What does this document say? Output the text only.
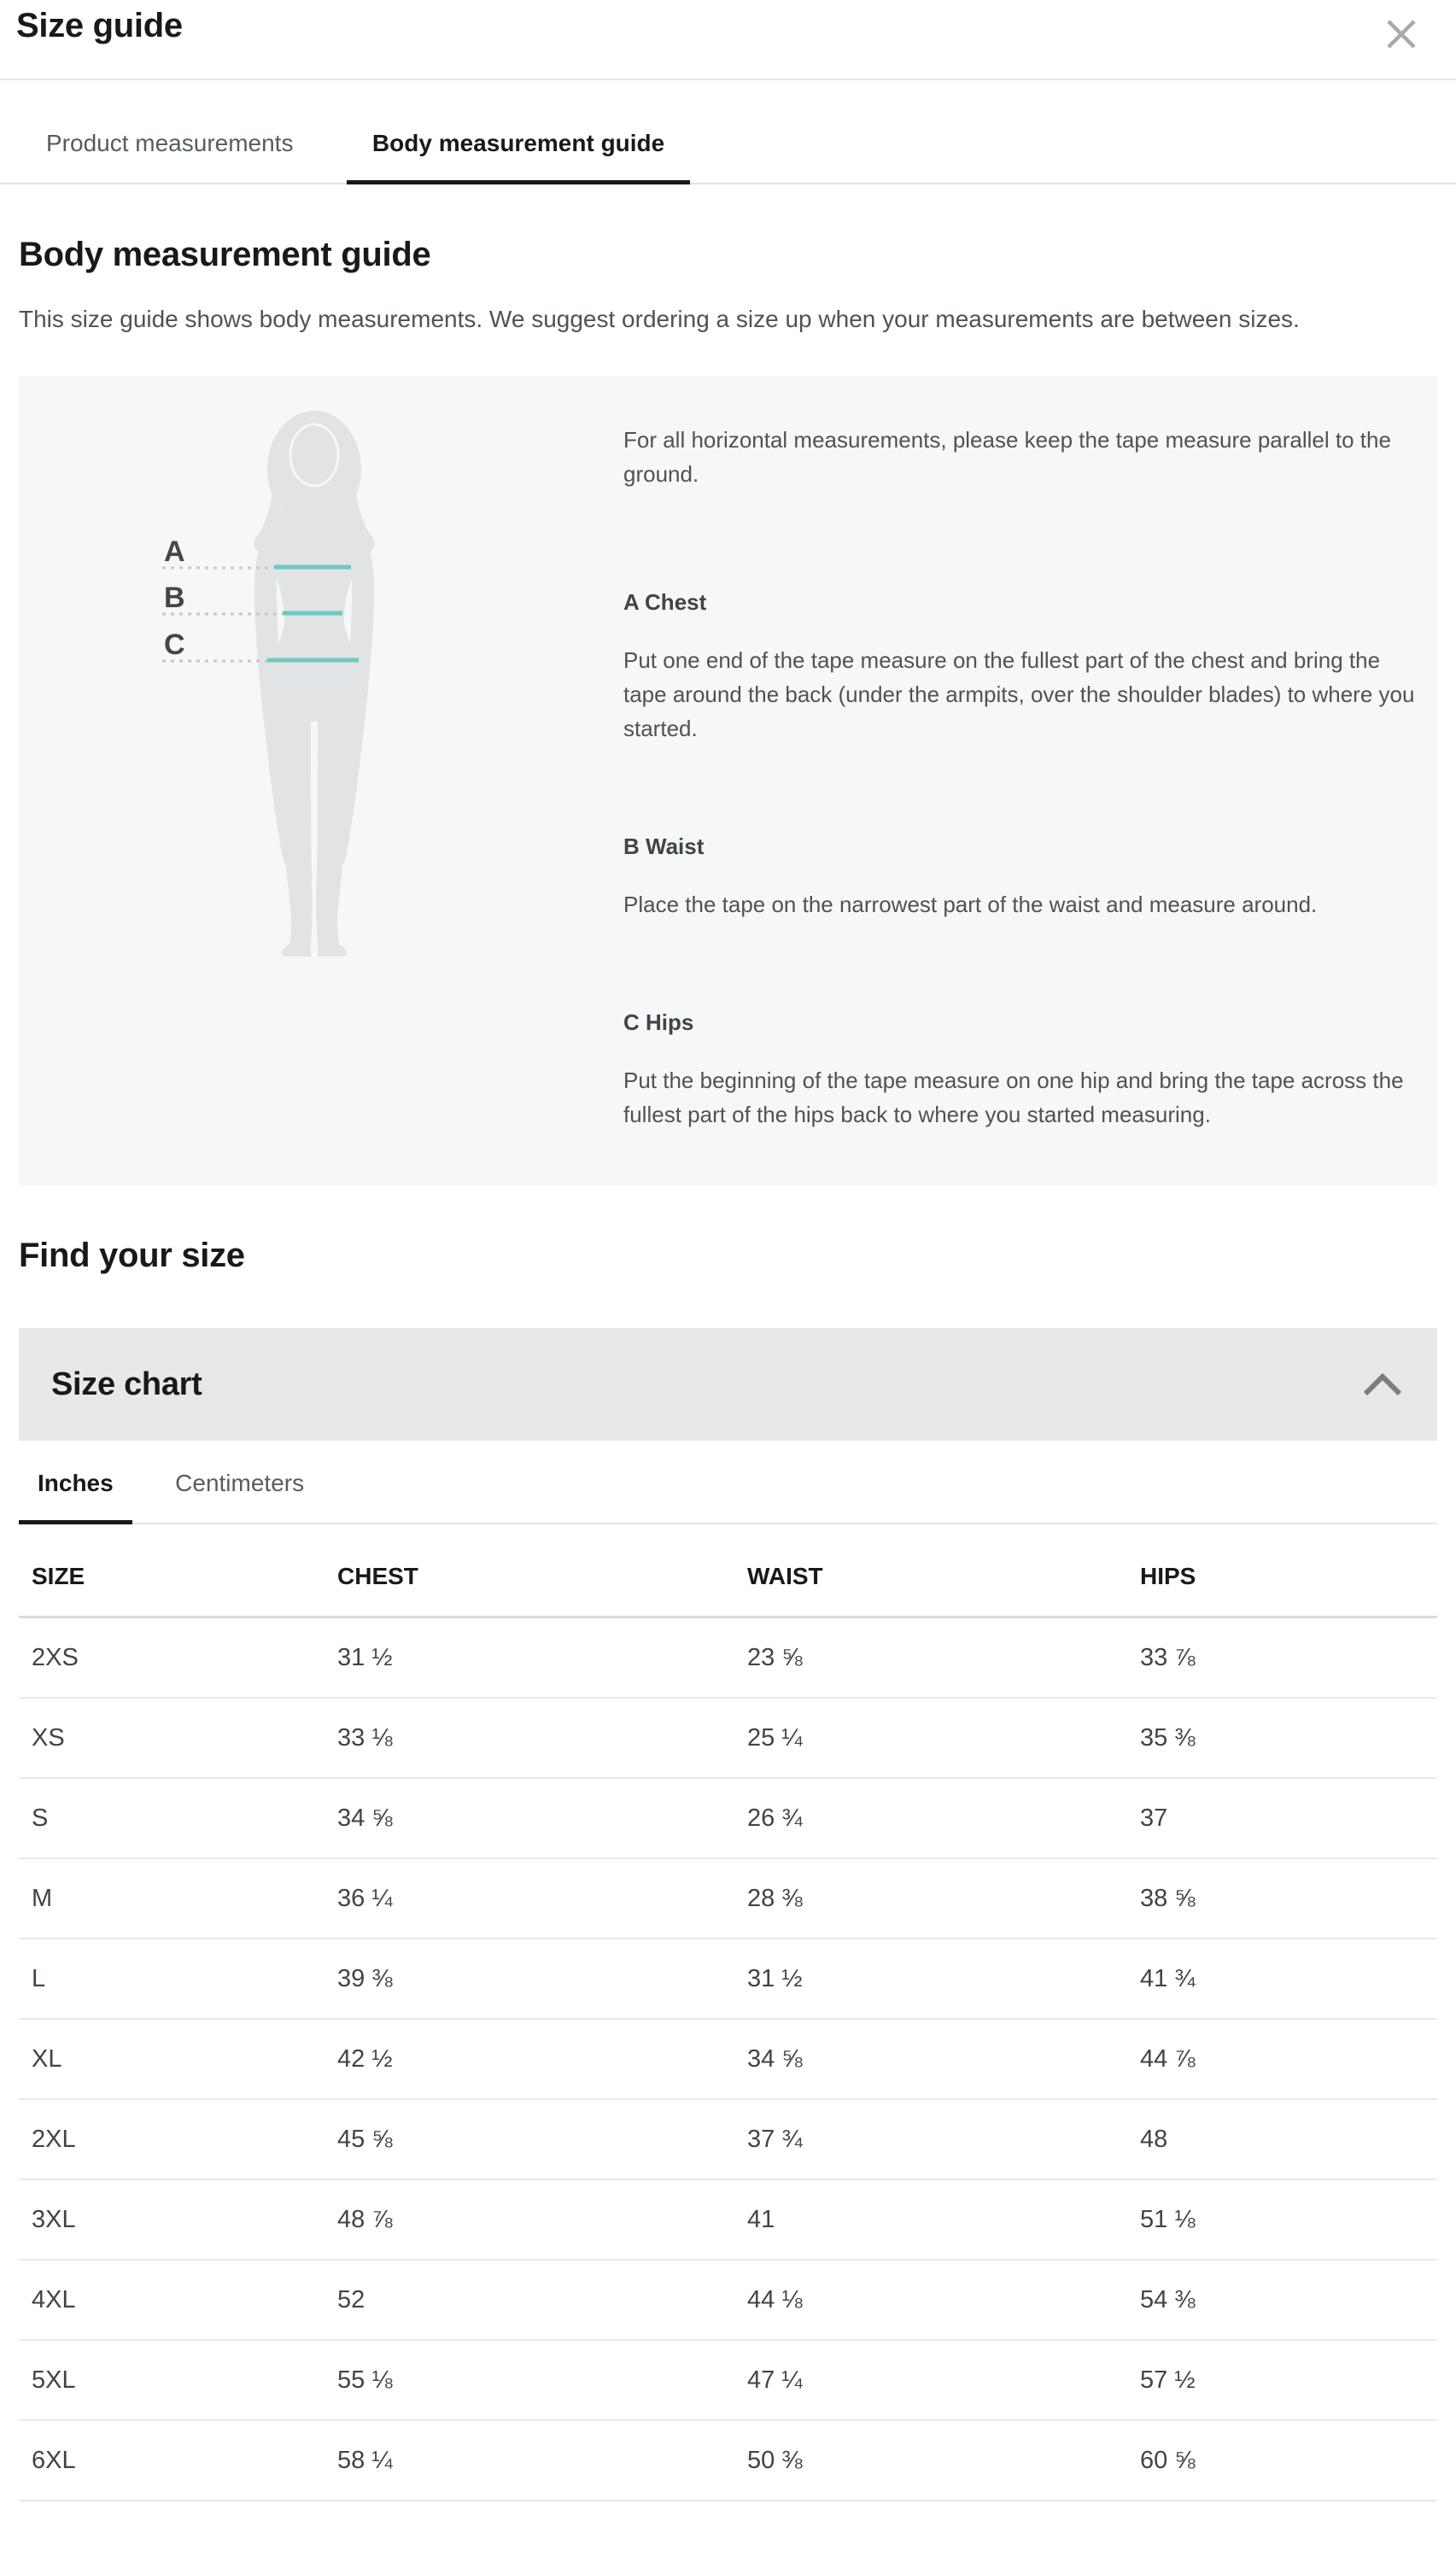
Size guide
Product measurements	Body measurement guide
Body measurement guide

This size guide shows body measurements. We suggest ordering a size up when your measurements are between sizes.

A
B
C

For all horizontal measurements, please keep the tape measure parallel to the ground.

A Chest

Put one end of the tape measure on the fullest part of the chest and bring the tape around the back (under the armpits, over the shoulder blades) to where you started.

B Waist

Place the tape on the narrowest part of the waist and measure around.

C Hips

Put the beginning of the tape measure on one hip and bring the tape across the fullest part of the hips back to where you started measuring.

Find your size
Size chart
Inches	Centimeters
SIZE	CHEST	WAIST	HIPS
2XS	31 ½	23 ⅝	33 ⅞
XS	33 ⅛	25 ¼	35 ⅜
S	34 ⅝	26 ¾	37
M	36 ¼	28 ⅜	38 ⅝
L	39 ⅜	31 ½	41 ¾
XL	42 ½	34 ⅝	44 ⅞
2XL	45 ⅝	37 ¾	48
3XL	48 ⅞	41	51 ⅛
4XL	52	44 ⅛	54 ⅜
5XL	55 ⅛	47 ¼	57 ½
6XL	58 ¼	50 ⅜	60 ⅝
